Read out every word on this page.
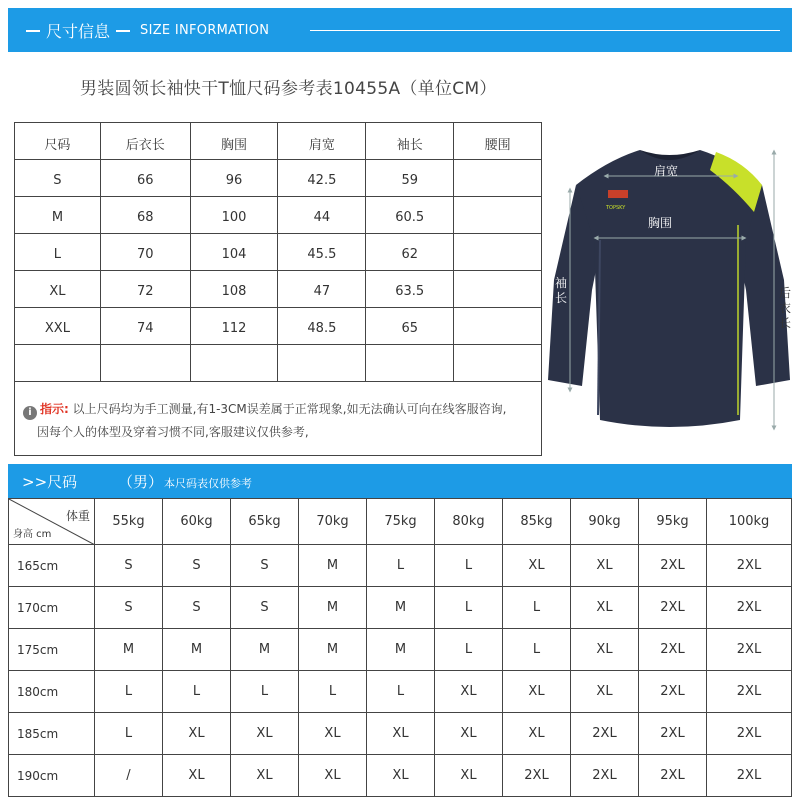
尺寸信息 SIZE INFORMATION
男装圆领长袖快干T恤尺码参考表10455A（单位CM）
尺码	后衣长	胸围	肩宽	袖长	腰围
S	66	96	42.5	59	
M	68	100	44	60.5	
L	70	104	45.5	62	
XL	72	108	47	63.5	
XXL	74	112	48.5	65	

i 指示: 以上尺码均为手工测量,有1-3CM误差属于正常现象,如无法确认可向在线客服咨询,
因每个人的体型及穿着习惯不同,客服建议仅供参考,
TOPSKY
肩宽
胸围
袖长	后衣长
>>尺码	（男） 本尺码表仅供参考
体重
身高 cm	55kg	60kg	65kg	70kg	75kg	80kg	85kg	90kg	95kg	100kg
165cm	S	S	S	M	L	L	XL	XL	2XL	2XL
170cm	S	S	S	M	M	L	L	XL	2XL	2XL
175cm	M	M	M	M	M	L	L	XL	2XL	2XL
180cm	L	L	L	L	L	XL	XL	XL	2XL	2XL
185cm	L	XL	XL	XL	XL	XL	XL	2XL	2XL	2XL
190cm	/	XL	XL	XL	XL	XL	2XL	2XL	2XL	2XL
